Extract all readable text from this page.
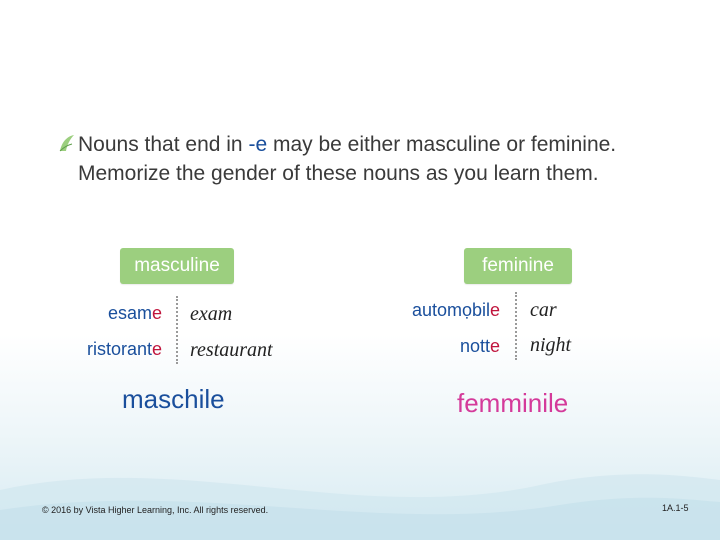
Nouns that end in -e may be either masculine or feminine. Memorize the gender of these nouns as you learn them.
masculine
esame exam
ristorante restaurant
maschile
feminine
automọbile car
notte night
femminile
© 2016 by Vista Higher Learning, Inc. All rights reserved.	1A.1-5
